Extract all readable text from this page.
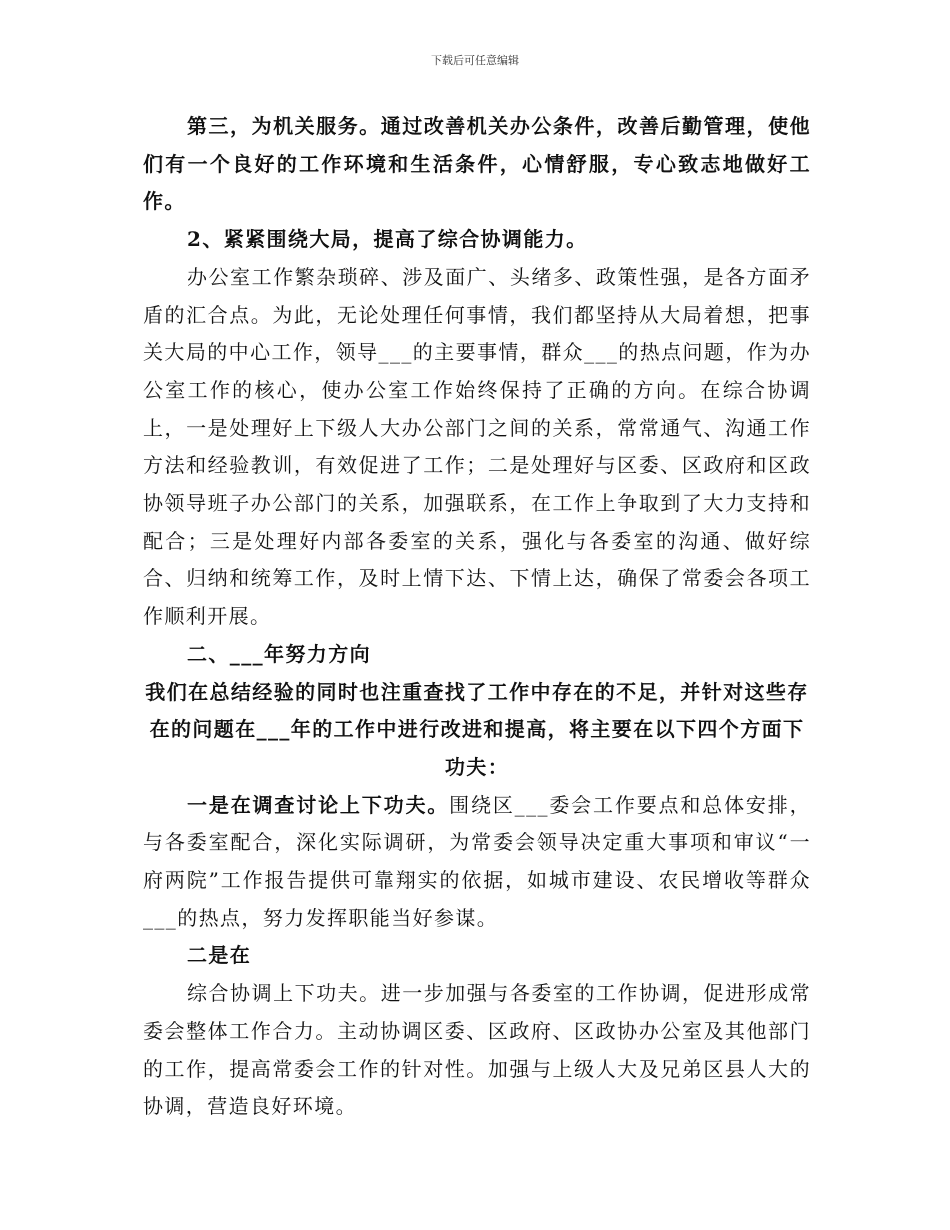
下载后可任意编辑

第三，为机关服务。通过改善机关办公条件，改善后勤管理，使他们有一个良好的工作环境和生活条件，心情舒服，专心致志地做好工作。

2、紧紧围绕大局，提高了综合协调能力。

办公室工作繁杂琐碎、涉及面广、头绪多、政策性强，是各方面矛盾的汇合点。为此，无论处理任何事情，我们都坚持从大局着想，把事关大局的中心工作，领导___的主要事情，群众___的热点问题，作为办公室工作的核心，使办公室工作始终保持了正确的方向。在综合协调上，一是处理好上下级人大办公部门之间的关系，常常通气、沟通工作方法和经验教训，有效促进了工作；二是处理好与区委、区政府和区政协领导班子办公部门的关系，加强联系，在工作上争取到了大力支持和配合；三是处理好内部各委室的关系，强化与各委室的沟通、做好综合、归纳和统筹工作，及时上情下达、下情上达，确保了常委会各项工作顺利开展。

二、___年努力方向

我们在总结经验的同时也注重查找了工作中存在的不足，并针对这些存在的问题在___年的工作中进行改进和提高，将主要在以下四个方面下功夫：

一是在调查讨论上下功夫。围绕区___委会工作要点和总体安排，与各委室配合，深化实际调研，为常委会领导决定重大事项和审议“一府两院”工作报告提供可靠翔实的依据，如城市建设、农民增收等群众___的热点，努力发挥职能当好参谋。

二是在

综合协调上下功夫。进一步加强与各委室的工作协调，促进形成常委会整体工作合力。主动协调区委、区政府、区政协办公室及其他部门的工作，提高常委会工作的针对性。加强与上级人大及兄弟区县人大的协调，营造良好环境。
